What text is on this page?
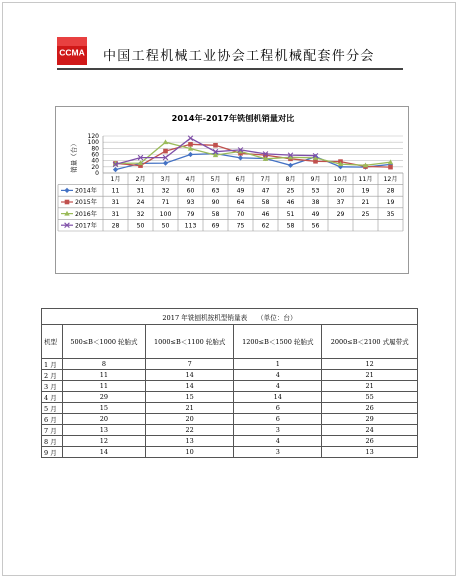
CCMA 中国工程机械工业协会工程机械配套件分会
2014年-2017年铣刨机销量对比
销量（台）
0
20
40
60
80
100
120
1月 2月 3月 4月 5月 6月 7月 8月 9月 10月 11月 12月
2014年 11	31	32	60	63	49	47	25	53	20	19	28
2015年 31	24	71	93	90	64	58	46	38	37	21	19
2016年 31	32 100 79	58	70	46	51	49	29	25	35
2017年 28	50	50 113 69	75	62	58	56
2017 年铣刨机按机型销量表　　（单位：台）				
机型	500≤B＜1000 轮胎式	1000≤B＜1100 轮胎式	1200≤B＜1500 轮胎式	2000≤B＜2100 式履带式
1 月	8	7	1	12
2 月	11	14	4	21
3 月	11	14	4	21
4 月	29	15	14	55
5 月	15	21	6	26
6 月	20	20	6	29
7 月	13	22	3	24
8 月	12	13	4	26
9 月	14	10	3	13
